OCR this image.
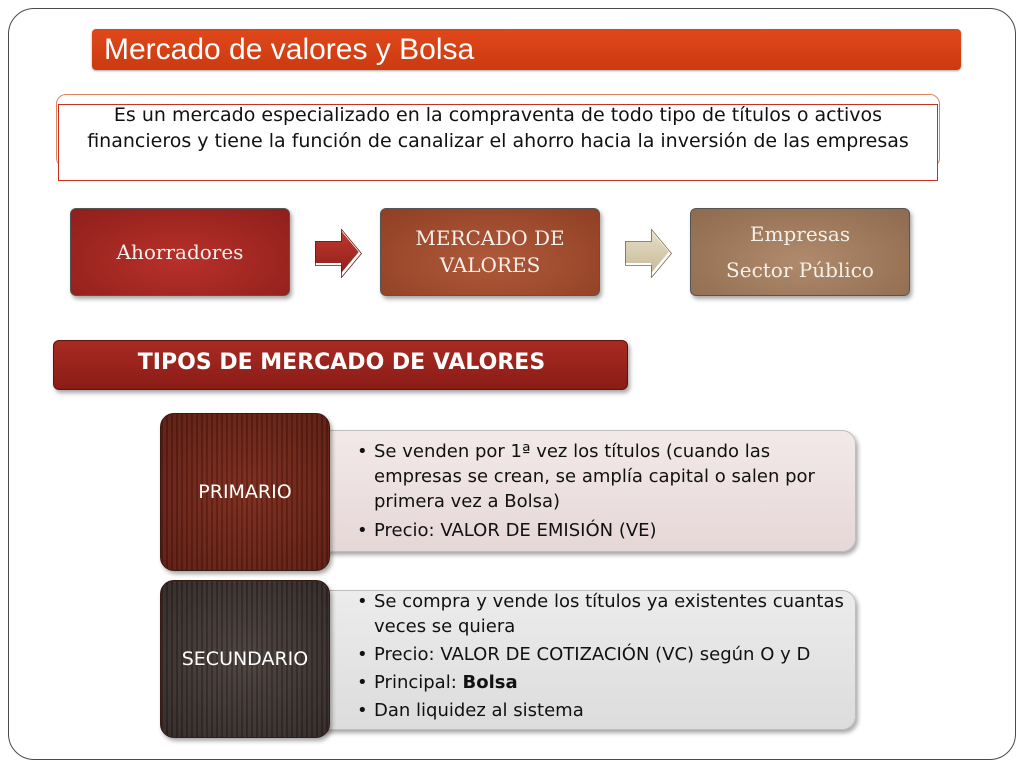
Mercado de valores y Bolsa
Es un mercado especializado en la compraventa de todo tipo de títulos o activos financieros y tiene la función de canalizar el ahorro hacia la inversión de las empresas
Ahorradores
MERCADO DE VALORES
Empresas
Sector Público
TIPOS DE MERCADO DE VALORES
• Se venden por 1ª vez los títulos (cuando las empresas se crean, se amplía capital o salen por primera vez a Bolsa)
• Precio: VALOR DE EMISIÓN (VE)
PRIMARIO
• Se compra y vende los títulos ya existentes cuantas veces se quiera
• Precio: VALOR DE COTIZACIÓN (VC) según O y D
• Principal: Bolsa
• Dan liquidez al sistema
SECUNDARIO
